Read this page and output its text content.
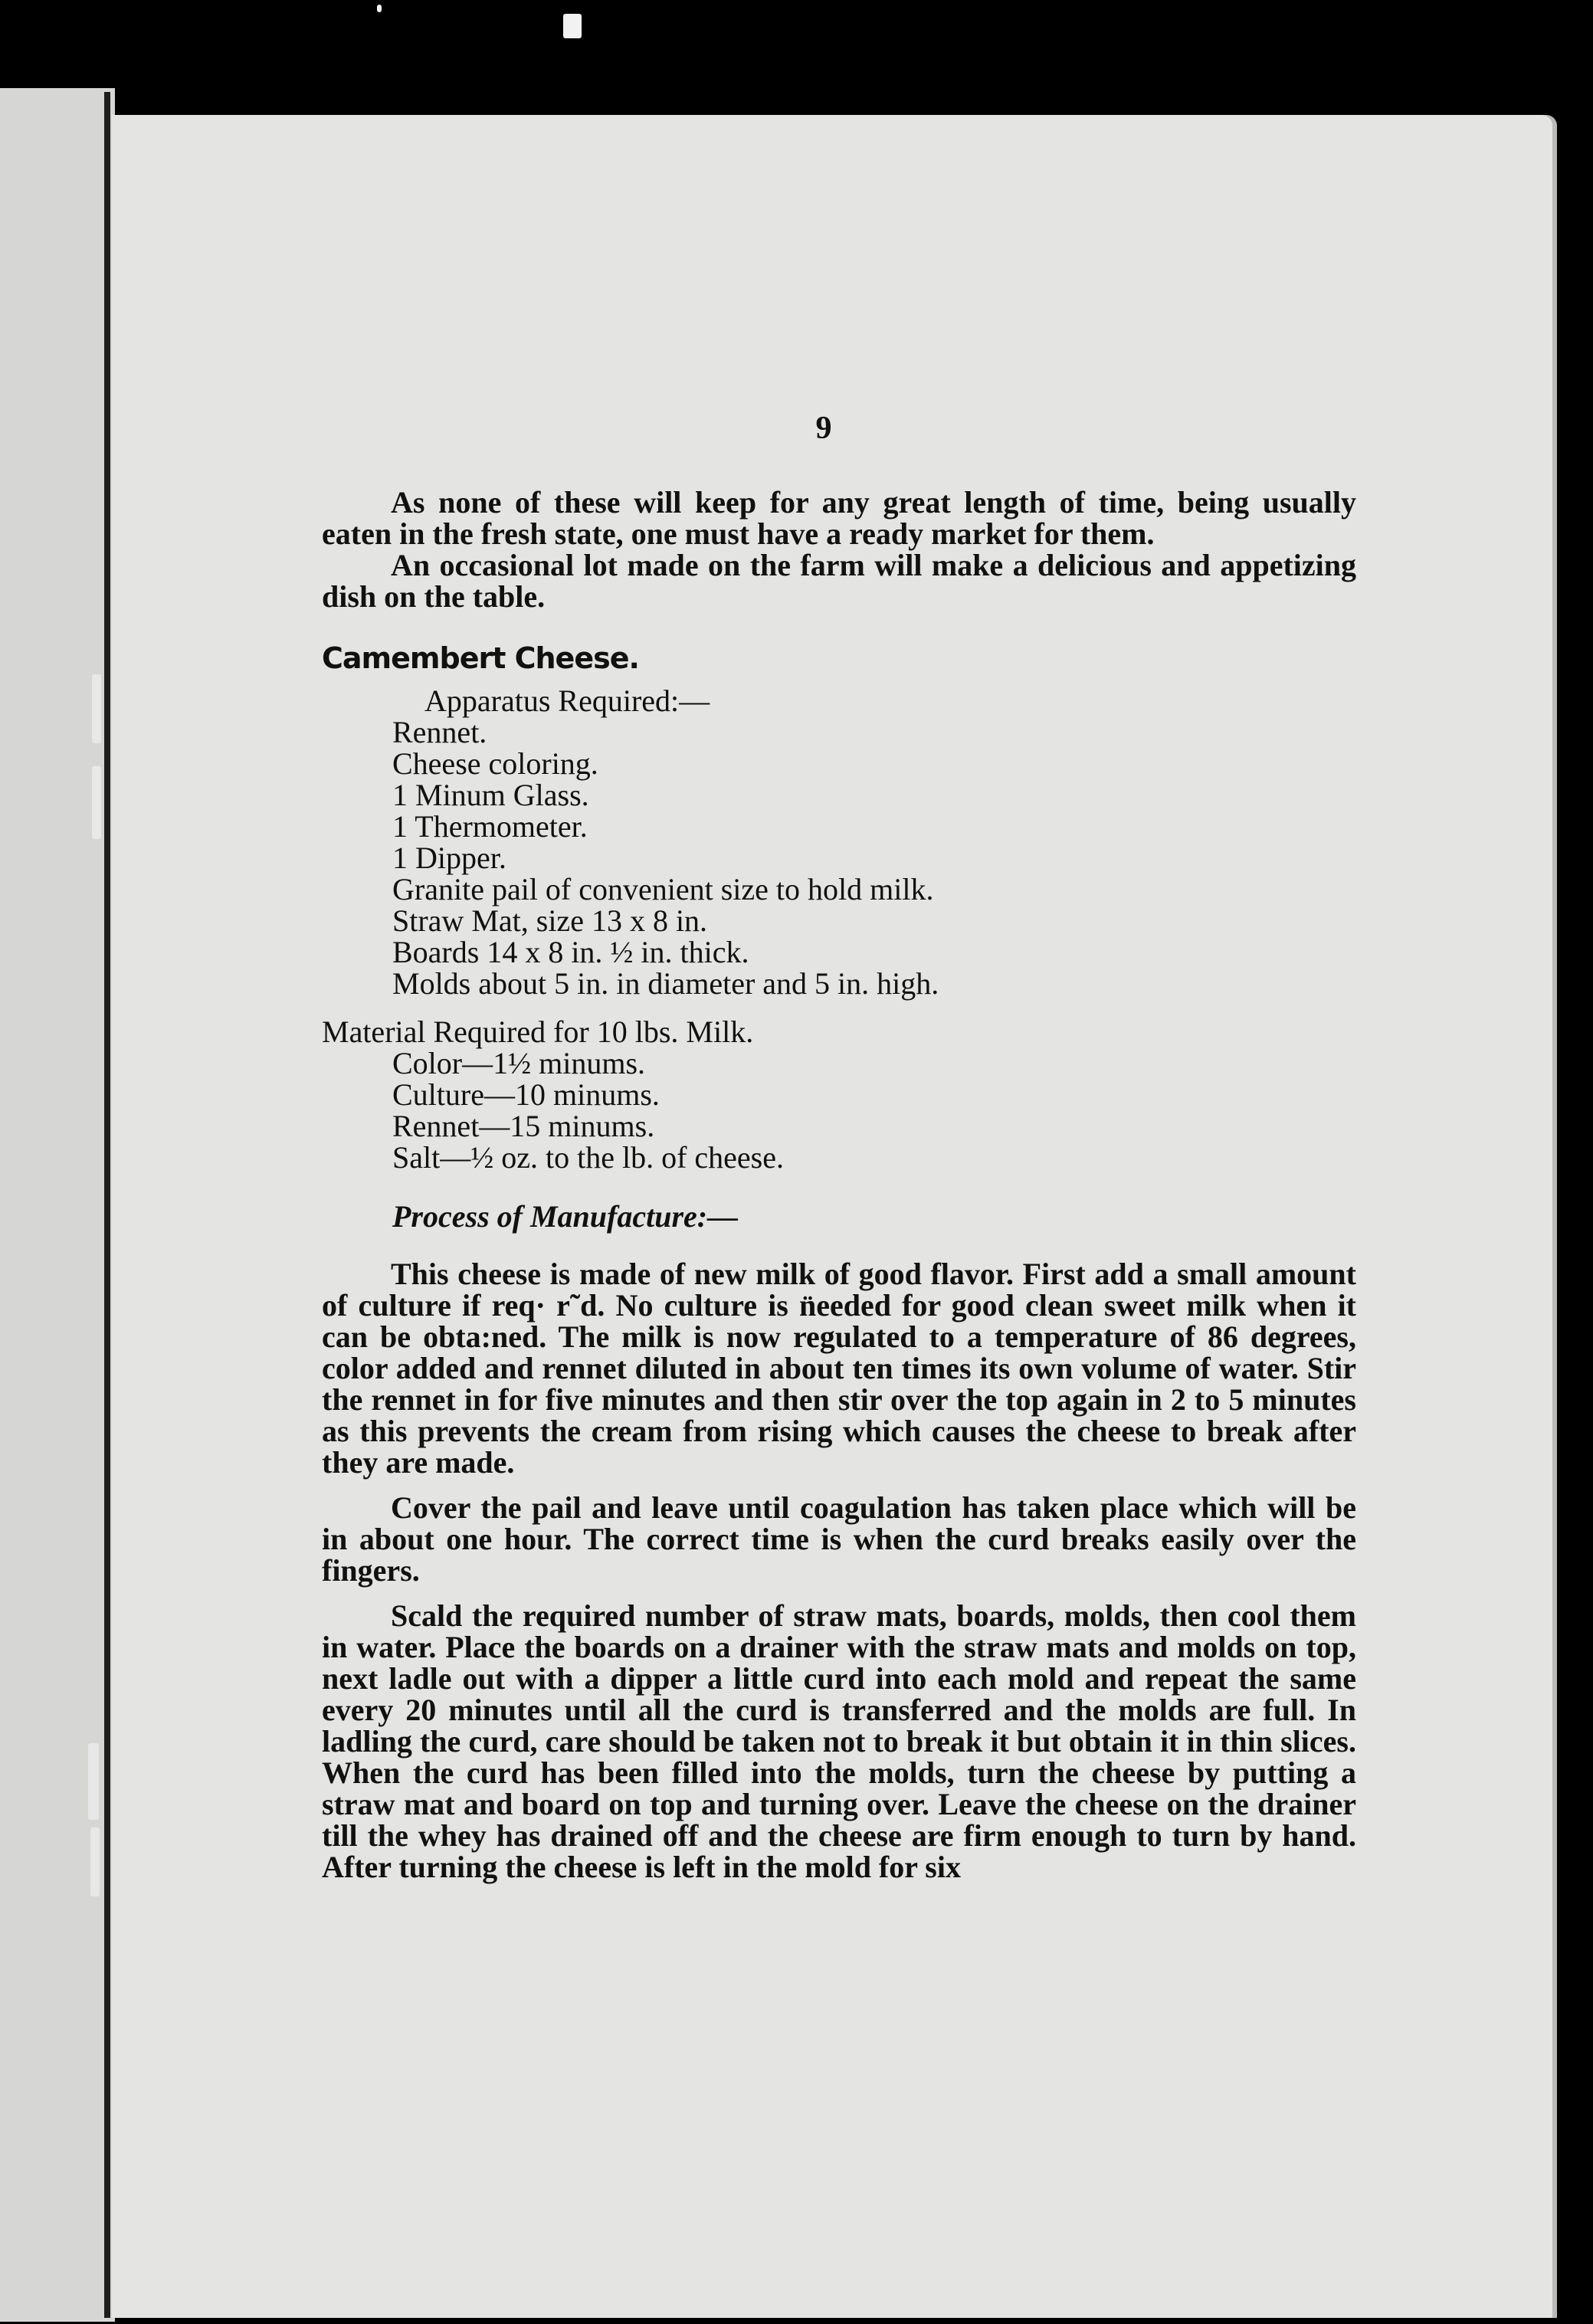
9

As none of these will keep for any great length of time, being usually eaten in the fresh state, one must have a ready market for them.

An occasional lot made on the farm will make a delicious and appetizing dish on the table.

Camembert Cheese.

Apparatus Required:—

Rennet.

Cheese coloring.

1 Minum Glass.

1 Thermometer.

1 Dipper.

Granite pail of convenient size to hold milk.

Straw Mat, size 13 x 8 in.

Boards 14 x 8 in. ½ in. thick.

Molds about 5 in. in diameter and 5 in. high.

Material Required for 10 lbs. Milk.

Color—1½ minums.

Culture—10 minums.

Rennet—15 minums.

Salt—½ oz. to the lb. of cheese.

Process of Manufacture:—

This cheese is made of new milk of good flavor. First add a small amount of culture if req· r˜d. No culture is n̈eeded for good clean sweet milk when it can be obta:ned. The milk is now regulated to a temperature of 86 degrees, color added and rennet diluted in about ten times its own volume of water. Stir the rennet in for five minutes and then stir over the top again in 2 to 5 minutes as this prevents the cream from rising which causes the cheese to break after they are made.

Cover the pail and leave until coagulation has taken place which will be in about one hour. The correct time is when the curd breaks easily over the fingers.

Scald the required number of straw mats, boards, molds, then cool them in water. Place the boards on a drainer with the straw mats and molds on top, next ladle out with a dipper a little curd into each mold and repeat the same every 20 minutes until all the curd is transferred and the molds are full. In ladling the curd, care should be taken not to break it but obtain it in thin slices. When the curd has been filled into the molds, turn the cheese by putting a straw mat and board on top and turning over. Leave the cheese on the drainer till the whey has drained off and the cheese are firm enough to turn by hand. After turning the cheese is left in the mold for six
